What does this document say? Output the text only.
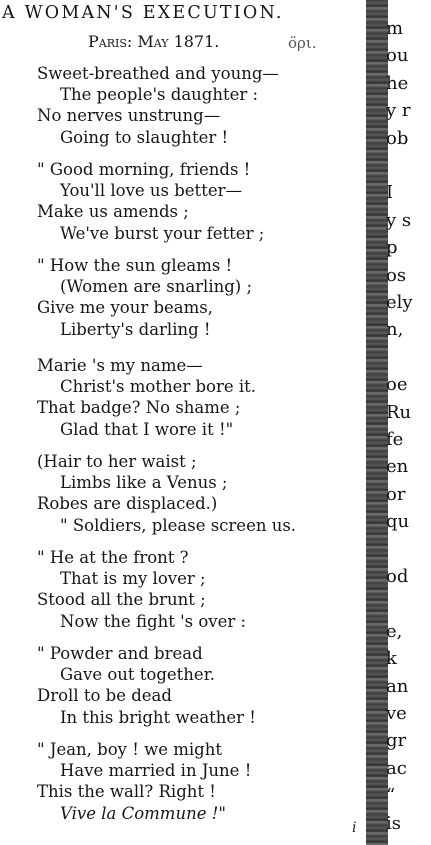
A WOMAN'S EXECUTION.
Paris: May 1871.	ο̈ρι.
Sweet-breathed and young—
The people's daughter :
No nerves unstrung—
Going to slaughter !
" Good morning, friends !
You'll love us better—
Make us amends ;
We've burst your fetter ;
" How the sun gleams !
(Women are snarling) ;
Give me your beams,
Liberty's darling !
Marie 's my name—
Christ's mother bore it.
That badge? No shame ;
Glad that I wore it !"
(Hair to her waist ;
Limbs like a Venus ;
Robes are displaced.)
" Soldiers, please screen us.
" He at the front ?
That is my lover ;
Stood all the brunt ;
Now the fight 's over :
" Powder and bread
Gave out together.
Droll to be dead
In this bright weather !
" Jean, boy ! we might
Have married in June !
This the wall? Right !
Vive la Commune !"
m
ou
he
y r
ob
I
y s
p
os
ely
n,
oe
Ru
fe
en
or
qu
od
e,
k
an
ve
gr
ac
“
is
i
